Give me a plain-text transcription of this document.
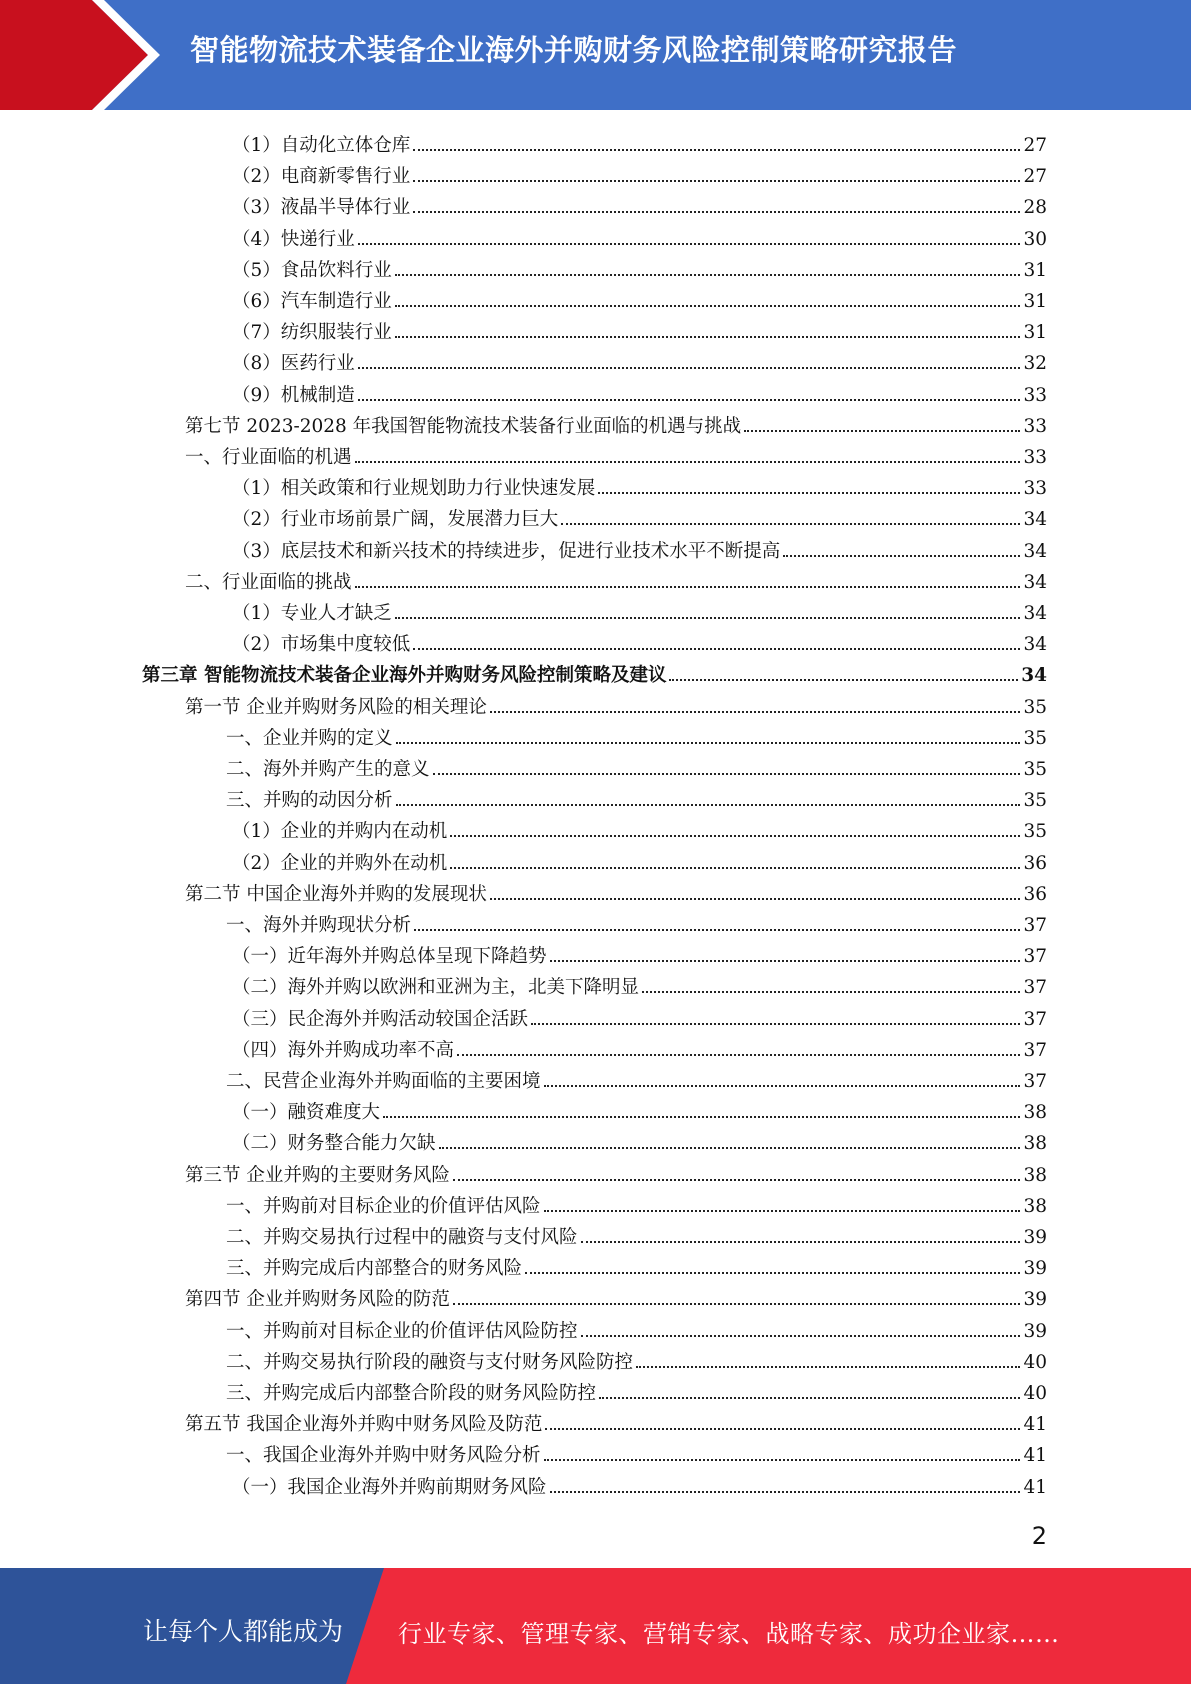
智能物流技术装备企业海外并购财务风险控制策略研究报告
（1）自动化立体仓库	27
（2）电商新零售行业	27
（3）液晶半导体行业	28
（4）快递行业	30
（5）食品饮料行业	31
（6）汽车制造行业	31
（7）纺织服装行业	31
（8）医药行业	32
（9）机械制造	33
第七节 2023-2028 年我国智能物流技术装备行业面临的机遇与挑战	33
一、行业面临的机遇	33
（1）相关政策和行业规划助力行业快速发展	33
（2）行业市场前景广阔，发展潜力巨大	34
（3）底层技术和新兴技术的持续进步，促进行业技术水平不断提高	34
二、行业面临的挑战	34
（1）专业人才缺乏	34
（2）市场集中度较低	34
第三章 智能物流技术装备企业海外并购财务风险控制策略及建议	34
第一节 企业并购财务风险的相关理论	35
一、企业并购的定义	35
二、海外并购产生的意义	35
三、并购的动因分析	35
（1）企业的并购内在动机	35
（2）企业的并购外在动机	36
第二节 中国企业海外并购的发展现状	36
一、海外并购现状分析	37
（一）近年海外并购总体呈现下降趋势	37
（二）海外并购以欧洲和亚洲为主，北美下降明显	37
（三）民企海外并购活动较国企活跃	37
（四）海外并购成功率不高	37
二、民营企业海外并购面临的主要困境	37
（一）融资难度大	38
（二）财务整合能力欠缺	38
第三节 企业并购的主要财务风险	38
一、并购前对目标企业的价值评估风险	38
二、并购交易执行过程中的融资与支付风险	39
三、并购完成后内部整合的财务风险	39
第四节 企业并购财务风险的防范	39
一、并购前对目标企业的价值评估风险防控	39
二、并购交易执行阶段的融资与支付财务风险防控	40
三、并购完成后内部整合阶段的财务风险防控	40
第五节 我国企业海外并购中财务风险及防范	41
一、我国企业海外并购中财务风险分析	41
（一）我国企业海外并购前期财务风险	41
2
让每个人都能成为 行业专家、管理专家、营销专家、战略专家、成功企业家……
